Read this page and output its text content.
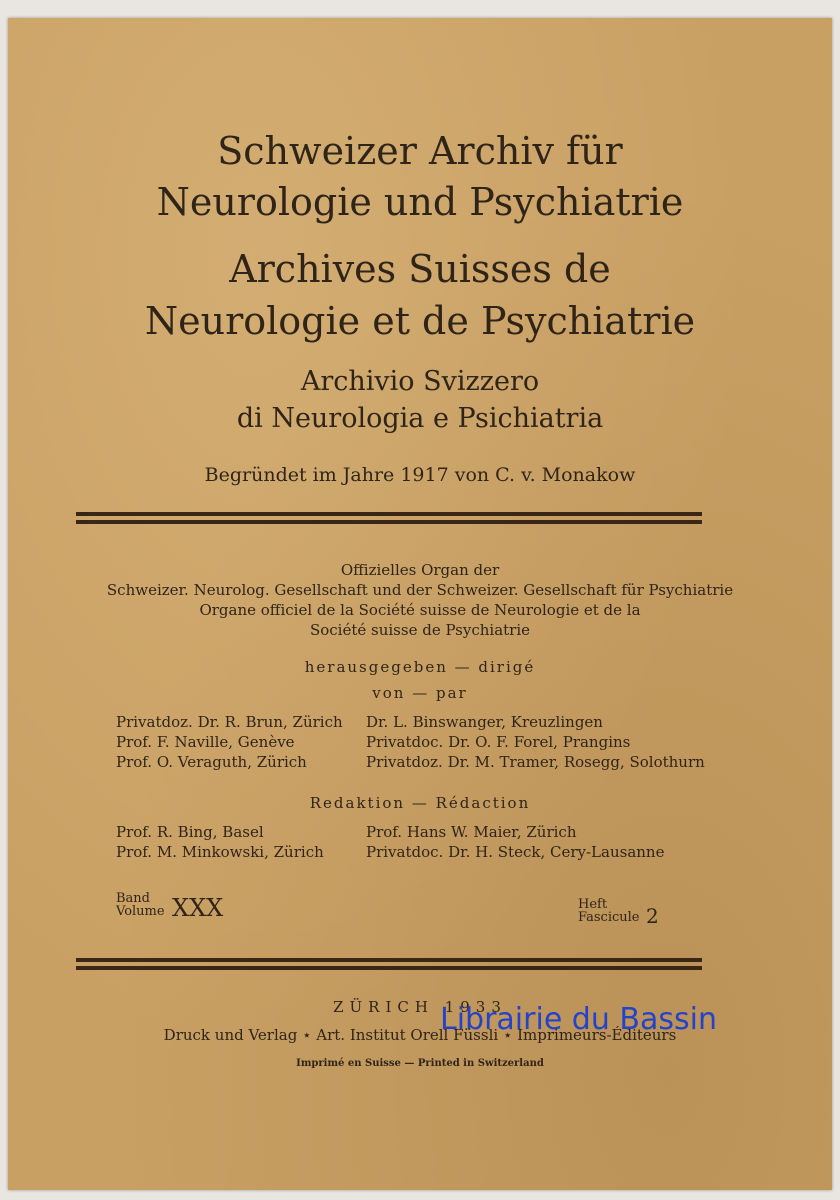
Schweizer Archiv für
Neurologie und Psychiatrie
Archives Suisses de
Neurologie et de Psychiatrie
Archivio Svizzero
di Neurologia e Psichiatria
Begründet im Jahre 1917 von C. v. Monakow
Offizielles Organ der
Schweizer. Neurolog. Gesellschaft und der Schweizer. Gesellschaft für Psychiatrie
Organe officiel de la Société suisse de Neurologie et de la
Société suisse de Psychiatrie
herausgegeben — dirigé
von — par
Privatdoz. Dr. R. Brun, Zürich
Prof. F. Naville, Genève
Prof. O. Veraguth, Zürich
Dr. L. Binswanger, Kreuzlingen
Privatdoc. Dr. O. F. Forel, Prangins
Privatdoz. Dr. M. Tramer, Rosegg, Solothurn
Redaktion — Rédaction
Prof. R. Bing, Basel
Prof. M. Minkowski, Zürich
Prof. Hans W. Maier, Zürich
Privatdoc. Dr. H. Steck, Cery-Lausanne
Band
Volume XXX	Heft
Fascicule 2
ZÜRICH 1933
Druck und Verlag ⋆ Art. Institut Orell Füssli ⋆ Imprimeurs-Éditeurs
Imprimé en Suisse — Printed in Switzerland
Librairie du Bassin
